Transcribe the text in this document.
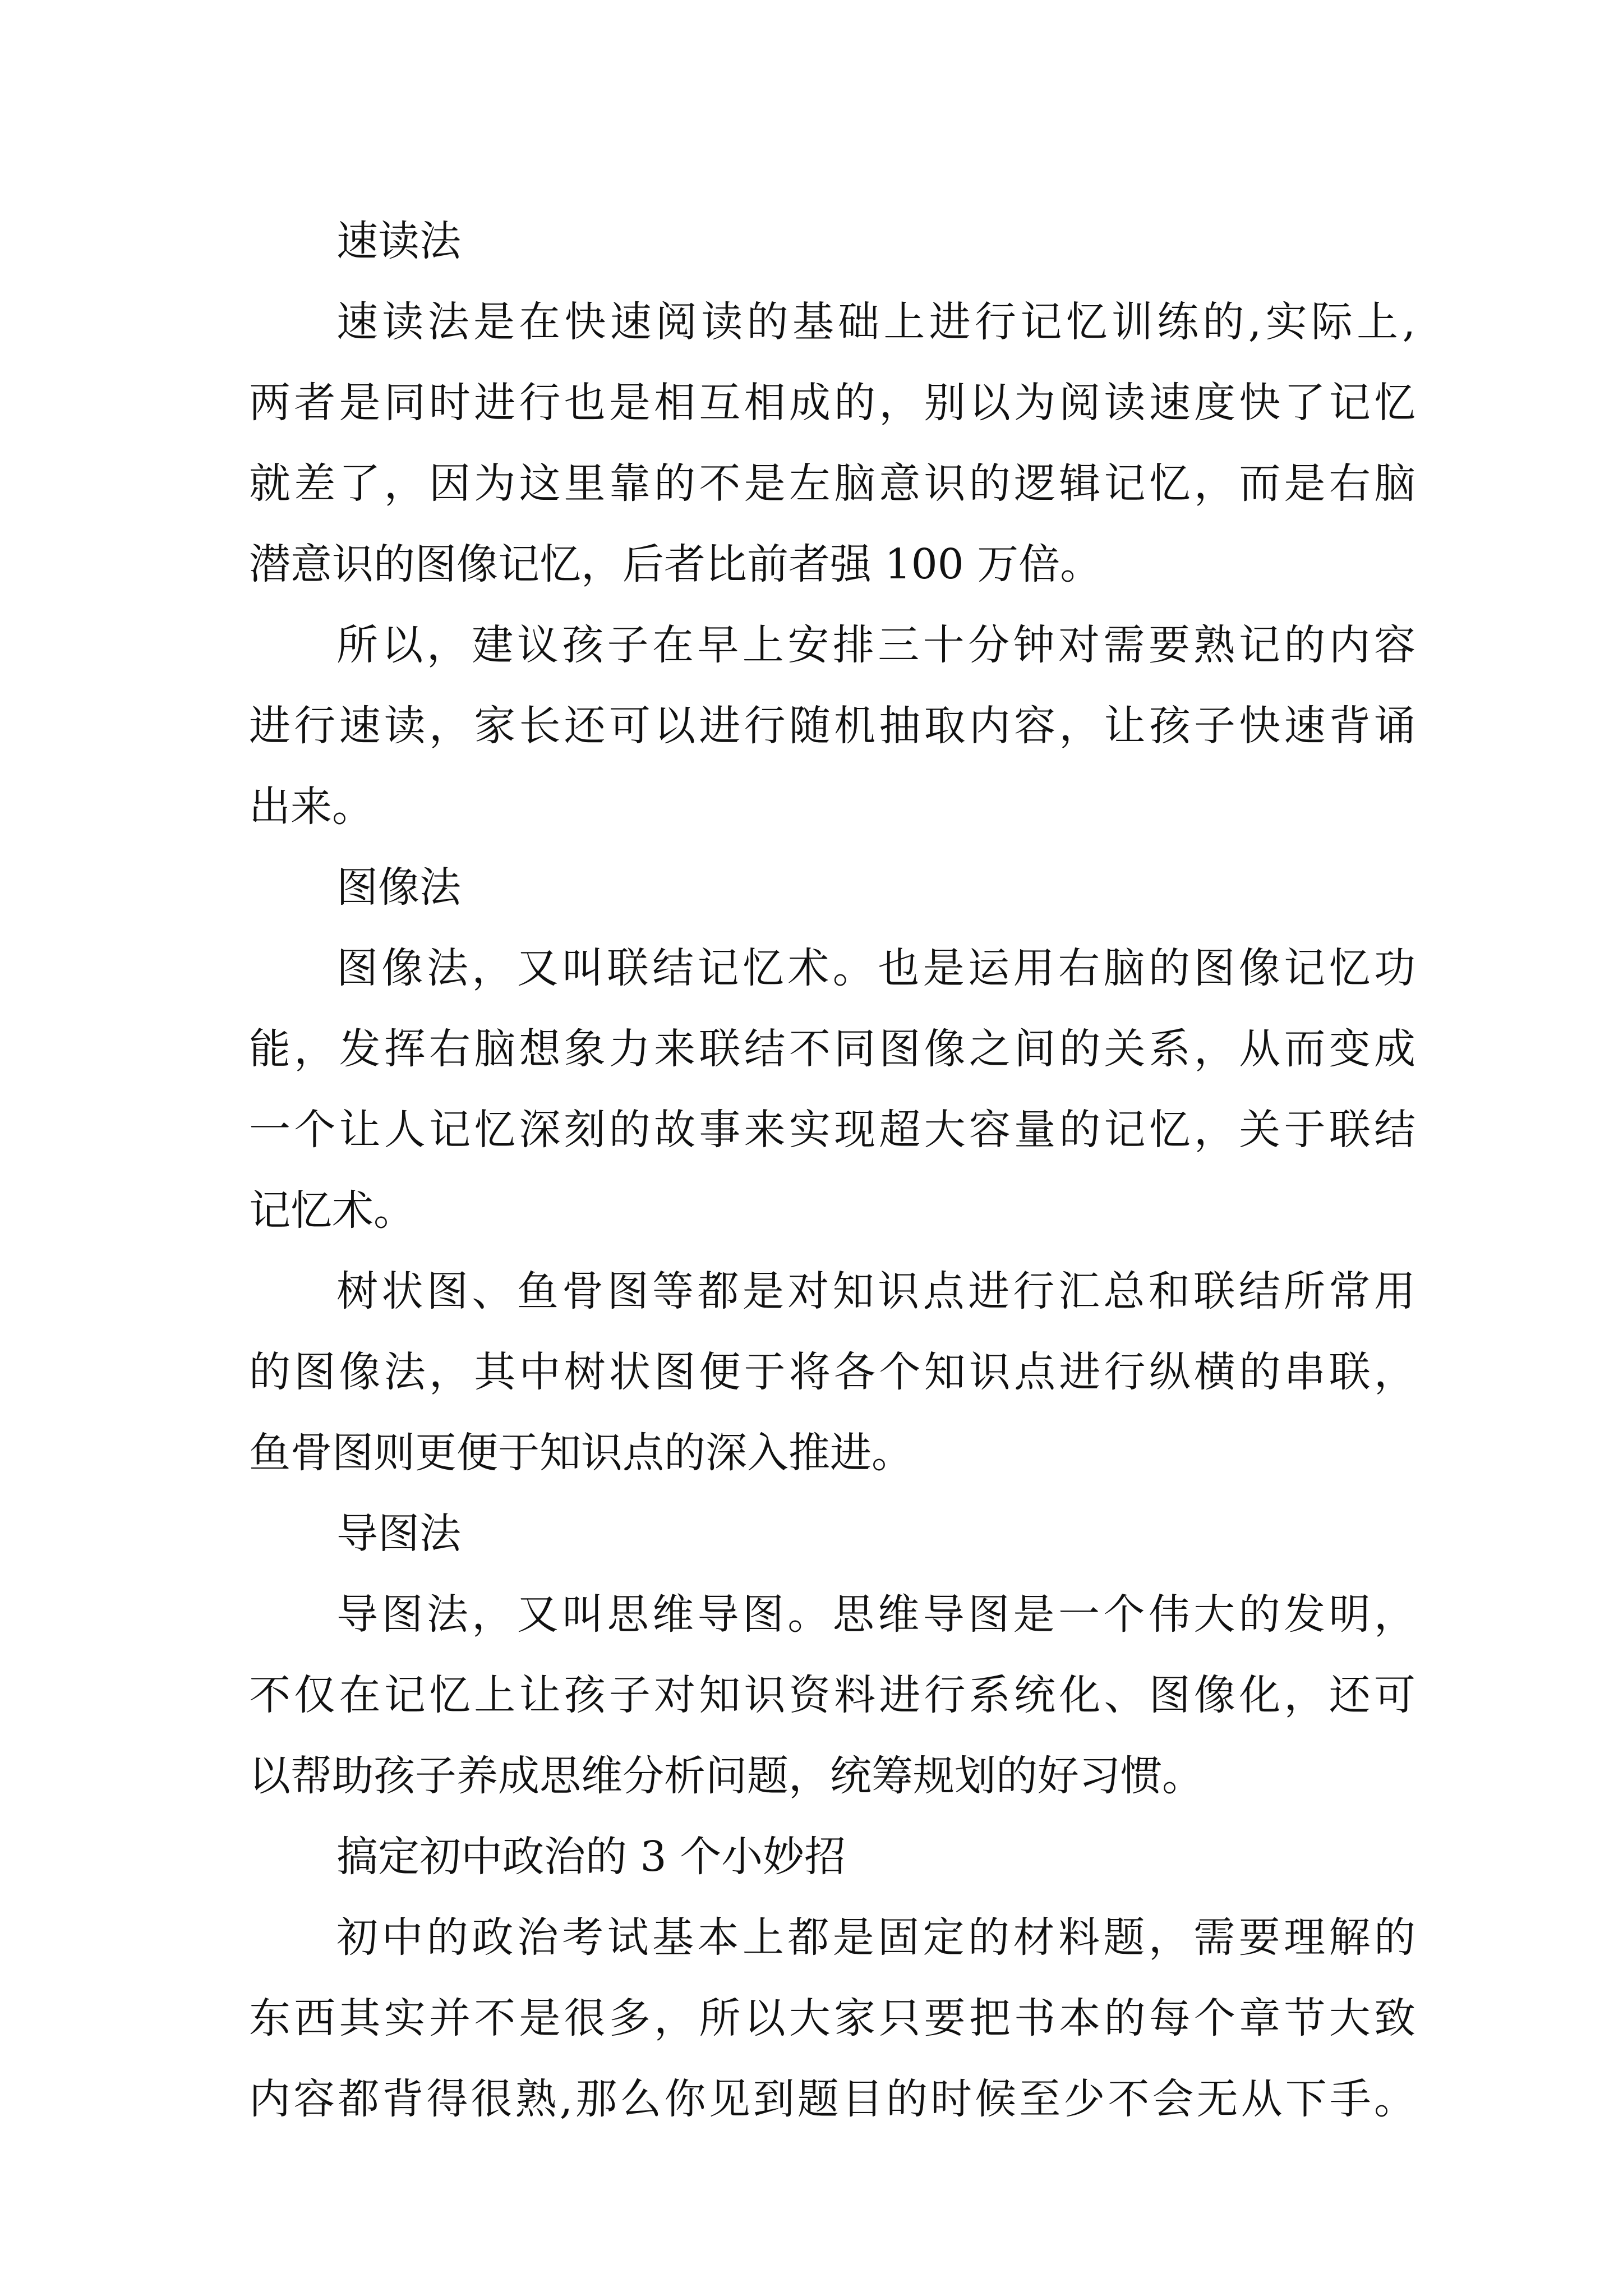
速读法
速读法是在快速阅读的基础上进行记忆训练的,实际上,
两者是同时进行也是相互相成的，别以为阅读速度快了记忆
就差了，因为这里靠的不是左脑意识的逻辑记忆，而是右脑
潜意识的图像记忆，后者比前者强 100 万倍。
所以，建议孩子在早上安排三十分钟对需要熟记的内容
进行速读，家长还可以进行随机抽取内容，让孩子快速背诵
出来。
图像法
图像法，又叫联结记忆术。也是运用右脑的图像记忆功
能，发挥右脑想象力来联结不同图像之间的关系，从而变成
一个让人记忆深刻的故事来实现超大容量的记忆，关于联结
记忆术。
树状图、鱼骨图等都是对知识点进行汇总和联结所常用
的图像法，其中树状图便于将各个知识点进行纵横的串联，
鱼骨图则更便于知识点的深入推进。
导图法
导图法，又叫思维导图。思维导图是一个伟大的发明，
不仅在记忆上让孩子对知识资料进行系统化、图像化，还可
以帮助孩子养成思维分析问题，统筹规划的好习惯。
搞定初中政治的 3 个小妙招
初中的政治考试基本上都是固定的材料题，需要理解的
东西其实并不是很多，所以大家只要把书本的每个章节大致
内容都背得很熟,那么你见到题目的时候至少不会无从下手。
